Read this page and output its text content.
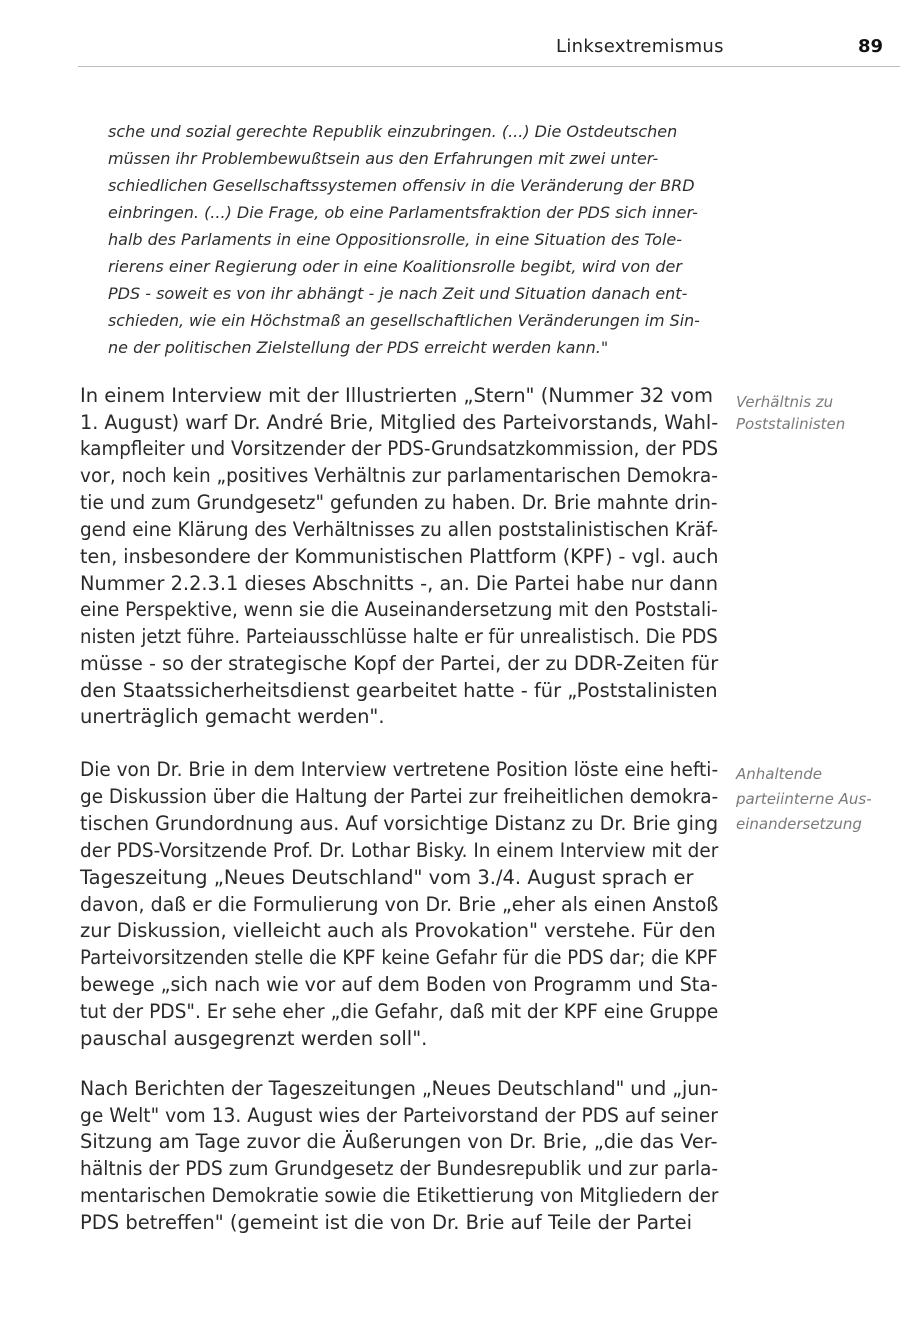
Linksextremismus	89
sche und sozial gerechte Republik einzubringen. (...) Die Ostdeutschen
müssen ihr Problembewußtsein aus den Erfahrungen mit zwei unter-
schiedlichen Gesellschaftssystemen offensiv in die Veränderung der BRD
einbringen. (...) Die Frage, ob eine Parlamentsfraktion der PDS sich inner-
halb des Parlaments in eine Oppositionsrolle, in eine Situation des Tole-
rierens einer Regierung oder in eine Koalitionsrolle begibt, wird von der
PDS - soweit es von ihr abhängt - je nach Zeit und Situation danach ent-
schieden, wie ein Höchstmaß an gesellschaftlichen Veränderungen im Sin-
ne der politischen Zielstellung der PDS erreicht werden kann."
In einem Interview mit der Illustrierten „Stern" (Nummer 32 vom
1. August) warf Dr. André Brie, Mitglied des Parteivorstands, Wahl-
kampfleiter und Vorsitzender der PDS-Grundsatzkommission, der PDS
vor, noch kein „positives Verhältnis zur parlamentarischen Demokra-
tie und zum Grundgesetz" gefunden zu haben. Dr. Brie mahnte drin-
gend eine Klärung des Verhältnisses zu allen poststalinistischen Kräf-
ten, insbesondere der Kommunistischen Plattform (KPF) - vgl. auch
Nummer 2.2.3.1 dieses Abschnitts -, an. Die Partei habe nur dann
eine Perspektive, wenn sie die Auseinandersetzung mit den Poststali-
nisten jetzt führe. Parteiausschlüsse halte er für unrealistisch. Die PDS
müsse - so der strategische Kopf der Partei, der zu DDR-Zeiten für
den Staatssicherheitsdienst gearbeitet hatte - für „Poststalinisten
unerträglich gemacht werden".
Die von Dr. Brie in dem Interview vertretene Position löste eine hefti-
ge Diskussion über die Haltung der Partei zur freiheitlichen demokra-
tischen Grundordnung aus. Auf vorsichtige Distanz zu Dr. Brie ging
der PDS-Vorsitzende Prof. Dr. Lothar Bisky. In einem Interview mit der
Tageszeitung „Neues Deutschland" vom 3./4. August sprach er
davon, daß er die Formulierung von Dr. Brie „eher als einen Anstoß
zur Diskussion, vielleicht auch als Provokation" verstehe. Für den
Parteivorsitzenden stelle die KPF keine Gefahr für die PDS dar; die KPF
bewege „sich nach wie vor auf dem Boden von Programm und Sta-
tut der PDS". Er sehe eher „die Gefahr, daß mit der KPF eine Gruppe
pauschal ausgegrenzt werden soll".
Nach Berichten der Tageszeitungen „Neues Deutschland" und „jun-
ge Welt" vom 13. August wies der Parteivorstand der PDS auf seiner
Sitzung am Tage zuvor die Äußerungen von Dr. Brie, „die das Ver-
hältnis der PDS zum Grundgesetz der Bundesrepublik und zur parla-
mentarischen Demokratie sowie die Etikettierung von Mitgliedern der
PDS betreffen" (gemeint ist die von Dr. Brie auf Teile der Partei
Verhältnis zu
Poststalinisten
Anhaltende
parteiinterne Aus-
einandersetzung
